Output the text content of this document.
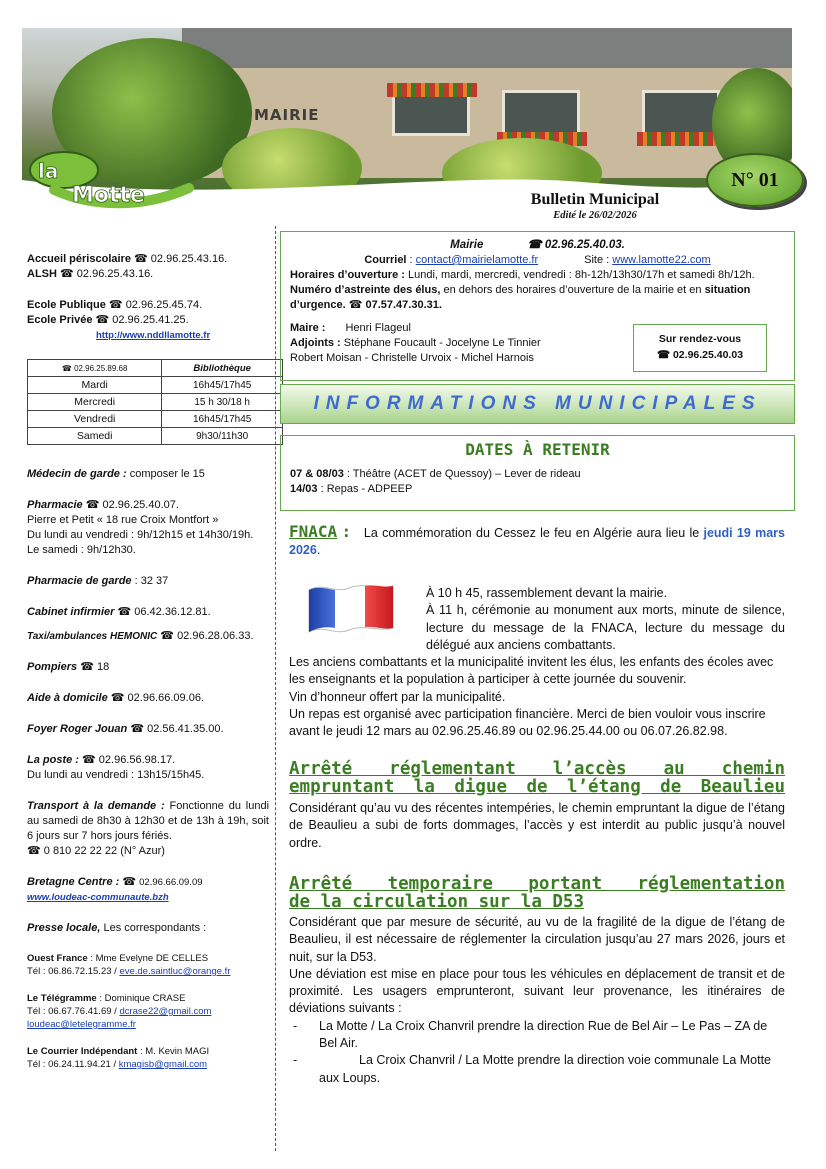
MAIRIE
la
Motte
N° 01
Bulletin Municipal
Edité le 26/02/2026
Accueil périscolaire ☎ 02.96.25.43.16.
ALSH ☎ 02.96.25.43.16.
Ecole Publique ☎ 02.96.25.45.74.
Ecole Privée ☎ 02.96.25.41.25.
http://www.nddllamotte.fr
☎ 02.96.25.89.68	Bibliothèque
Mardi	16h45/17h45
Mercredi	15 h 30/18 h
Vendredi	16h45/17h45
Samedi	9h30/11h30
Médecin de garde : composer le 15
Pharmacie ☎ 02.96.25.40.07.
Pierre et Petit « 18 rue Croix Montfort »
Du lundi au vendredi : 9h/12h15 et 14h30/19h.
Le samedi : 9h/12h30.
Pharmacie de garde : 32 37
Cabinet infirmier ☎ 06.42.36.12.81.
Taxi/ambulances HEMONIC ☎ 02.96.28.06.33.
Pompiers ☎ 18
Aide à domicile ☎ 02.96.66.09.06.
Foyer Roger Jouan ☎ 02.56.41.35.00.
La poste : ☎ 02.96.56.98.17.
Du lundi au vendredi : 13h15/15h45.
Transport à la demande : Fonctionne du lundi au samedi de 8h30 à 12h30 et de 13h à 19h, soit 6 jours sur 7 hors jours fériés.
☎ 0 810 22 22 22 (N° Azur)
Bretagne Centre : ☎ 02.96.66.09.09
www.loudeac-communaute.bzh
Presse locale, Les correspondants :
Ouest France : Mme Evelyne DE CELLES
Tél : 06.86.72.15.23 / eve.de.saintluc@orange.fr
Le Télégramme : Dominique CRASE
Tél : 06.67.76.41.69 / dcrase22@gmail.com
loudeac@letelegramme.fr
Le Courrier Indépendant : M. Kevin MAGI
Tél : 06.24.11.94.21 / kmagisb@gmail.com
Mairie	☎ 02.96.25.40.03.
Courriel : contact@mairielamotte.fr	Site : www.lamotte22.com
Horaires d’ouverture : Lundi, mardi, mercredi, vendredi : 8h-12h/13h30/17h et samedi 8h/12h.
Numéro d’astreinte des élus, en dehors des horaires d’ouverture de la mairie et en situation
d’urgence. ☎ 07.57.47.30.31.
Maire : Henri Flageul
Adjoints : Stéphane Foucault - Jocelyne Le Tinnier
Robert Moisan - Christelle Urvoix - Michel Harnois
Sur rendez-vous
☎ 02.96.25.40.03
INFORMATIONS MUNICIPALES
DATES À RETENIR

07 & 08/03 : Théâtre (ACET de Quessoy) – Lever de rideau

14/03 : Repas - ADPEEP

FNACA : La commémoration du Cessez le feu en Algérie aura lieu le jeudi 19 mars 2026.
À 10 h 45, rassemblement devant la mairie.
À 11 h, cérémonie au monument aux morts, minute de silence, lecture du message de la FNACA, lecture du message du délégué aux anciens combattants.
Les anciens combattants et la municipalité invitent les élus, les enfants des écoles avec les enseignants et la population à participer à cette journée du souvenir.
Vin d’honneur offert par la municipalité.
Un repas est organisé avec participation financière. Merci de bien vouloir vous inscrire avant le jeudi 12 mars au 02.96.25.46.89 ou 02.96.25.44.00 ou 06.07.26.82.98.
Arrêté réglementant l’accès au chemin
empruntant la digue de l’étang de Beaulieu
Considérant qu’au vu des récentes intempéries, le chemin empruntant la digue de l’étang de Beaulieu a subi de forts dommages, l’accès y est interdit au public jusqu’à nouvel ordre.
Arrêté temporaire portant réglementation
de la circulation sur la D53
Considérant que par mesure de sécurité, au vu de la fragilité de la digue de l’étang de Beaulieu, il est nécessaire de réglementer la circulation jusqu’au 27 mars 2026, jours et nuit, sur la D53.
Une déviation est mise en place pour tous les véhicules en déplacement de transit et de proximité. Les usagers emprunteront, suivant leur provenance, les itinéraires de déviations suivants :
- La Motte / La Croix Chanvril prendre la direction Rue de Bel Air – Le Pas – ZA de Bel Air.
- La Croix Chanvril / La Motte prendre la direction voie communale La Motte aux Loups.
